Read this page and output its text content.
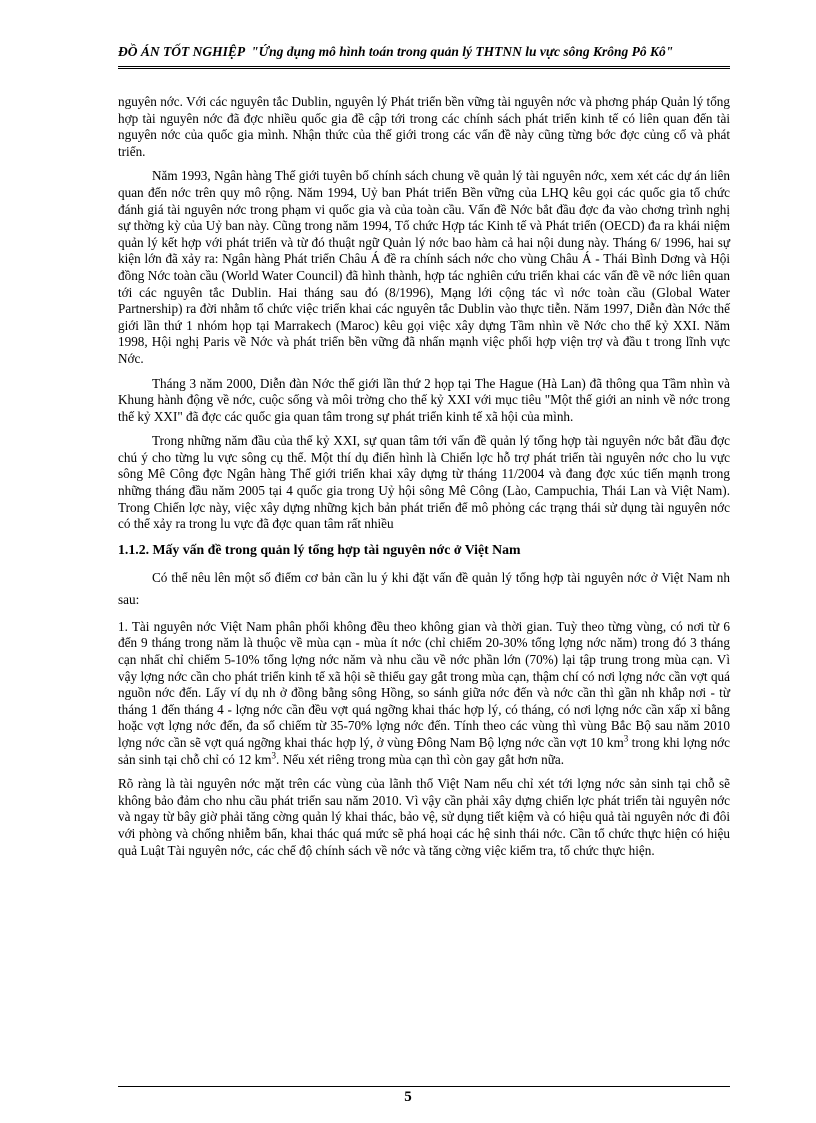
ĐỒ ÁN TỐT NGHIỆP "Ứng dụng mô hình toán trong quản lý THTNN lu vực sông Krông Pô Kô"

nguyên nớc. Với các nguyên tắc Dublin, nguyên lý Phát triển bền vững tài nguyên nớc và phơng pháp Quản lý tổng hợp tài nguyên nớc đã đợc nhiều quốc gia đề cập tới trong các chính sách phát triển kinh tế có liên quan đến tài nguyên nớc của quốc gia mình. Nhận thức của thế giới trong các vấn đề này cũng từng bớc đợc củng cố và phát triển.

Năm 1993, Ngân hàng Thế giới tuyên bố chính sách chung về quản lý tài nguyên nớc, xem xét các dự án liên quan đến nớc trên quy mô rộng. Năm 1994, Uỷ ban Phát triển Bền vững của LHQ kêu gọi các quốc gia tổ chức đánh giá tài nguyên nớc trong phạm vi quốc gia và của toàn cầu. Vấn đề Nớc bắt đầu đợc đa vào chơng trình nghị sự thờng kỳ của Uỷ ban này. Cũng trong năm 1994, Tổ chức Hợp tác Kinh tế và Phát triển (OECD) đa ra khái niệm quản lý kết hợp với phát triển và từ đó thuật ngữ Quản lý nớc bao hàm cả hai nội dung này. Tháng 6/ 1996, hai sự kiện lớn đã xảy ra: Ngân hàng Phát triển Châu Á đề ra chính sách nớc cho vùng Châu Á - Thái Bình Dơng và Hội đồng Nớc toàn cầu (World Water Council) đã hình thành, hợp tác nghiên cứu triển khai các vấn đề về nớc liên quan tới các nguyên tắc Dublin. Hai tháng sau đó (8/1996), Mạng lới cộng tác vì nớc toàn cầu (Global Water Partnership) ra đời nhằm tổ chức việc triển khai các nguyên tắc Dublin vào thực tiễn. Năm 1997, Diễn đàn Nớc thế giới lần thứ 1 nhóm họp tại Marrakech (Maroc) kêu gọi việc xây dựng Tầm nhìn về Nớc cho thế kỷ XXI. Năm 1998, Hội nghị Paris về Nớc và phát triển bền vững đã nhấn mạnh việc phối hợp viện trợ và đầu t trong lĩnh vực Nớc.

Tháng 3 năm 2000, Diễn đàn Nớc thế giới lần thứ 2 họp tại The Hague (Hà Lan) đã thông qua Tầm nhìn và Khung hành động về nớc, cuộc sống và môi trờng cho thế kỷ XXI với mục tiêu "Một thế giới an ninh về nớc trong thế kỷ XXI" đã đợc các quốc gia quan tâm trong sự phát triển kinh tế xã hội của mình.

Trong những năm đầu của thế kỷ XXI, sự quan tâm tới vấn đề quản lý tổng hợp tài nguyên nớc bắt đầu đợc chú ý cho từng lu vực sông cụ thể. Một thí dụ điển hình là Chiến lợc hỗ trợ phát triển tài nguyên nớc cho lu vực sông Mê Công đợc Ngân hàng Thế giới triển khai xây dựng từ tháng 11/2004 và đang đợc xúc tiến mạnh trong những tháng đầu năm 2005 tại 4 quốc gia trong Uỷ hội sông Mê Công (Lào, Campuchia, Thái Lan và Việt Nam). Trong Chiến lợc này, việc xây dựng những kịch bản phát triển để mô phỏng các trạng thái sử dụng tài nguyên nớc có thể xảy ra trong lu vực đã đợc quan tâm rất nhiều

1.1.2. Mấy vấn đề trong quản lý tổng hợp tài nguyên nớc ở Việt Nam

Có thể nêu lên một số điểm cơ bản cần lu ý khi đặt vấn đề quản lý tổng hợp tài nguyên nớc ở Việt Nam nh sau:

1. Tài nguyên nớc Việt Nam phân phối không đều theo không gian và thời gian. Tuỳ theo từng vùng, có nơi từ 6 đến 9 tháng trong năm là thuộc về mùa cạn - mùa ít nớc (chỉ chiếm 20-30% tổng lợng nớc năm) trong đó 3 tháng cạn nhất chỉ chiếm 5-10% tổng lợng nớc năm và nhu cầu về nớc phần lớn (70%) lại tập trung trong mùa cạn. Vì vậy lợng nớc cần cho phát triển kinh tế xã hội sẽ thiếu gay gắt trong mùa cạn, thậm chí có nơi lợng nớc cần vợt quá nguồn nớc đến. Lấy ví dụ nh ở đồng bằng sông Hồng, so sánh giữa nớc đến và nớc cần thì gần nh khắp nơi - từ tháng 1 đến tháng 4 - lợng nớc cần đều vợt quá ngỡng khai thác hợp lý, có tháng, có nơi lợng nớc cần xấp xỉ bằng hoặc vợt lợng nớc đến, đa số chiếm từ 35-70% lợng nớc đến. Tính theo các vùng thì vùng Bắc Bộ sau năm 2010 lợng nớc cần sẽ vợt quá ngỡng khai thác hợp lý, ở vùng Đông Nam Bộ lợng nớc cần vợt 10 $km^3$ trong khi lợng nớc sản sinh tại chỗ chỉ có 12 $km^3$. Nếu xét riêng trong mùa cạn thì còn gay gắt hơn nữa.

Rõ ràng là tài nguyên nớc mặt trên các vùng của lãnh thổ Việt Nam nếu chỉ xét tới lợng nớc sản sinh tại chỗ sẽ không bảo đảm cho nhu cầu phát triển sau năm 2010. Vì vậy cần phải xây dựng chiến lợc phát triển tài nguyên nớc và ngay từ bây giờ phải tăng cờng quản lý khai thác, bảo vệ, sử dụng tiết kiệm và có hiệu quả tài nguyên nớc đi đôi với phòng và chống nhiễm bẩn, khai thác quá mức sẽ phá hoại các hệ sinh thái nớc. Cần tổ chức thực hiện có hiệu quả Luật Tài nguyên nớc, các chế độ chính sách về nớc và tăng cờng việc kiểm tra, tổ chức thực hiện.

5
